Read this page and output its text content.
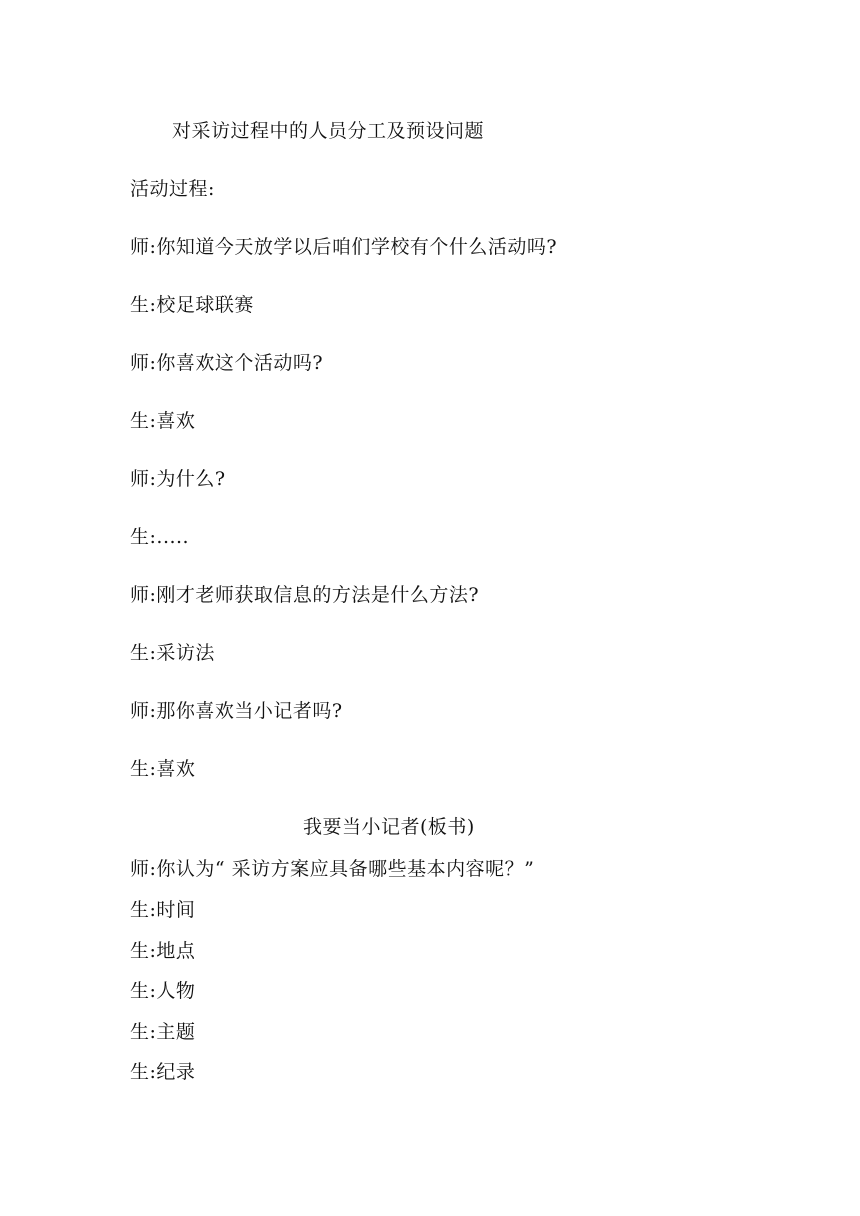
对采访过程中的人员分工及预设问题
活动过程:
师:你知道今天放学以后咱们学校有个什么活动吗?
生:校足球联赛
师:你喜欢这个活动吗?
生:喜欢
师:为什么?
生:.....
师:刚才老师获取信息的方法是什么方法?
生:采访法
师:那你喜欢当小记者吗?
生:喜欢
我要当小记者(板书)
师:你认为“ 采访方案应具备哪些基本内容呢？”
生:时间
生:地点
生:人物
生:主题
生:纪录
